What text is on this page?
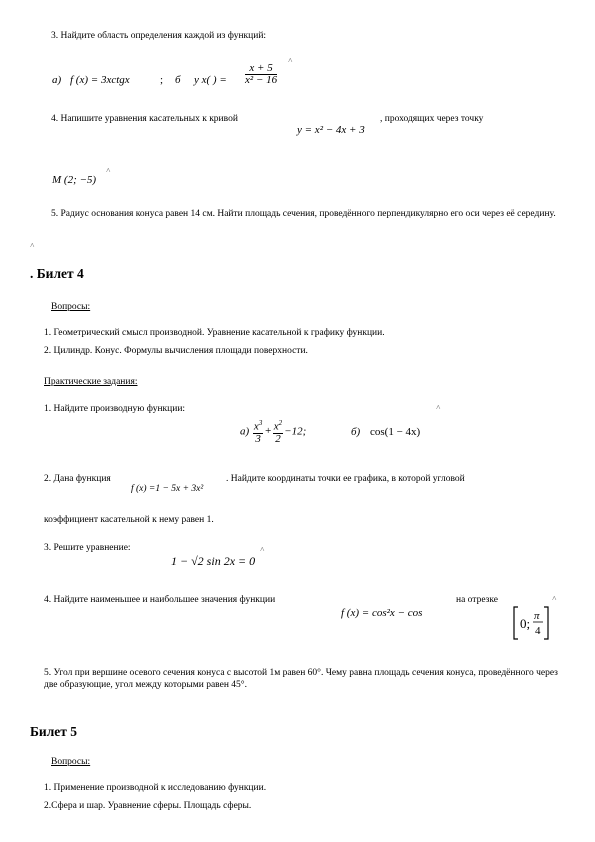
3. Найдите область определения каждой из функций:
а) f (x) = 3xctgx	; б y x( ) = $\frac{x + 5}{\text{x² − 16}}$
˄
4. Напишите уравнения касательных к кривой
y = x² − 4x + 3
, проходящих через точку
M (2; −5)
˄
5. Радиус основания конуса равен 14 см. Найти площадь сечения, проведённого перпендикулярно его оси через её середину.
˄
. Билет 4
Вопросы:
1. Геометрический смысл производной. Уравнение касательной к графику функции.
2. Цилиндр. Конус. Формулы вычисления площади поверхности.
Практические задания:
1. Найдите производную функции:	˄
$а) \frac{x^3}{3} + \frac{x^2}{2} -12$;	б) cos(1 − 4x)
2. Дана функция
f (x) =1 − 5x + 3x²
. Найдите координаты точки ее графика, в которой угловой
коэффициент касательной к нему равен 1.
3. Решите уравнение:
1 − √2 sin 2x = 0
˄
4. Найдите наименьшее и наибольшее значения функции
f (x) = cos²x − cos
на отрезке
0; π
4
˄
5. Угол при вершине осевого сечения конуса с высотой 1м равен 60°. Чему равна площадь сечения конуса, проведённого через две образующие, угол между которыми равен 45°.
Билет 5
Вопросы:
1. Применение производной к исследованию функции.
2.Сфера и шар. Уравнение сферы. Площадь сферы.
